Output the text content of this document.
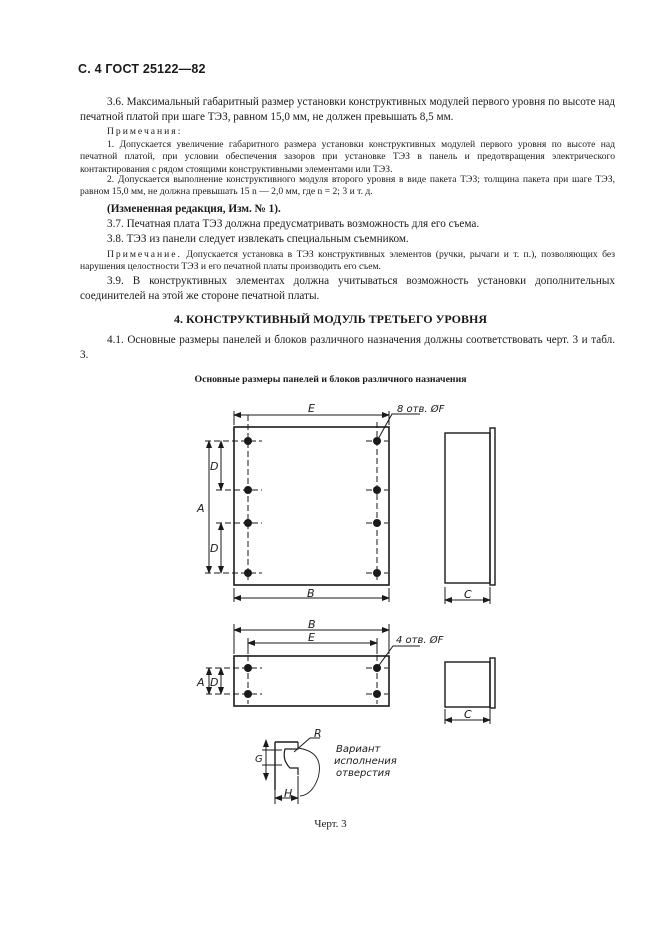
С. 4 ГОСТ 25122—82

3.6. Максимальный габаритный размер установки конструктивных модулей первого уровня по высоте над печатной платой при шаге ТЭЗ, равном 15,0 мм, не должен превышать 8,5 мм.

Примечания:

1. Допускается увеличение габаритного размера установки конструктивных модулей первого уровня по высоте над печатной платой, при условии обеспечения зазоров при установке ТЭЗ в панель и предотвращения электрического контактирования с рядом стоящими конструктивными элементами или ТЭЗ.

2. Допускается выполнение конструктивного модуля второго уровня в виде пакета ТЭЗ; толщина пакета при шаге ТЭЗ, равном 15,0 мм, не должна превышать 15 n — 2,0 мм, где n = 2; 3 и т. д.

(Измененная редакция, Изм. № 1).

3.7. Печатная плата ТЭЗ должна предусматривать возможность для его съема.

3.8. ТЭЗ из панели следует извлекать специальным съемником.

Примечание. Допускается установка в ТЭЗ конструктивных элементов (ручки, рычаги и т. п.), позволяющих без нарушения целостности ТЭЗ и его печатной платы производить его съем.

3.9. В конструктивных элементах должна учитываться возможность установки дополнительных соединителей на этой же стороне печатной платы.

4. КОНСТРУКТИВНЫЙ МОДУЛЬ ТРЕТЬЕГО УРОВНЯ

4.1. Основные размеры панелей и блоков различного назначения должны соответствовать черт. 3 и табл. 3.

Основные размеры панелей и блоков различного назначения

E	8 отв. ØF
A
D
D
B	C
B
E	4 отв. ØF
A D
C
R
G
H
Вариант
исполнения
отверстия

Черт. 3
